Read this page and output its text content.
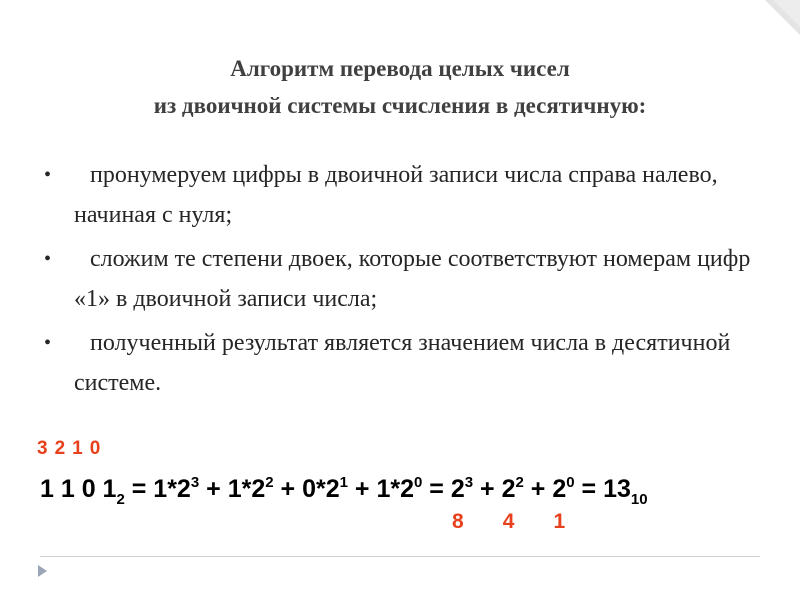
Алгоритм перевода целых чисел
из двоичной системы счисления в десятичную:
•	пронумеруем цифры в двоичной записи числа справа налево, начиная с нуля;
•	сложим те степени двоек, которые соответствуют номерам цифр «1» в двоичной записи числа;
•	полученный результат является значением числа в десятичной системе.
3 2 1 0
1 1 0 $1_2 = 1*2^3 + 1*2^2 + 0*2^1 + 1*2^0 = 2^3 + 2^2 + 2^0 = 13_{10}$
8 4 1
